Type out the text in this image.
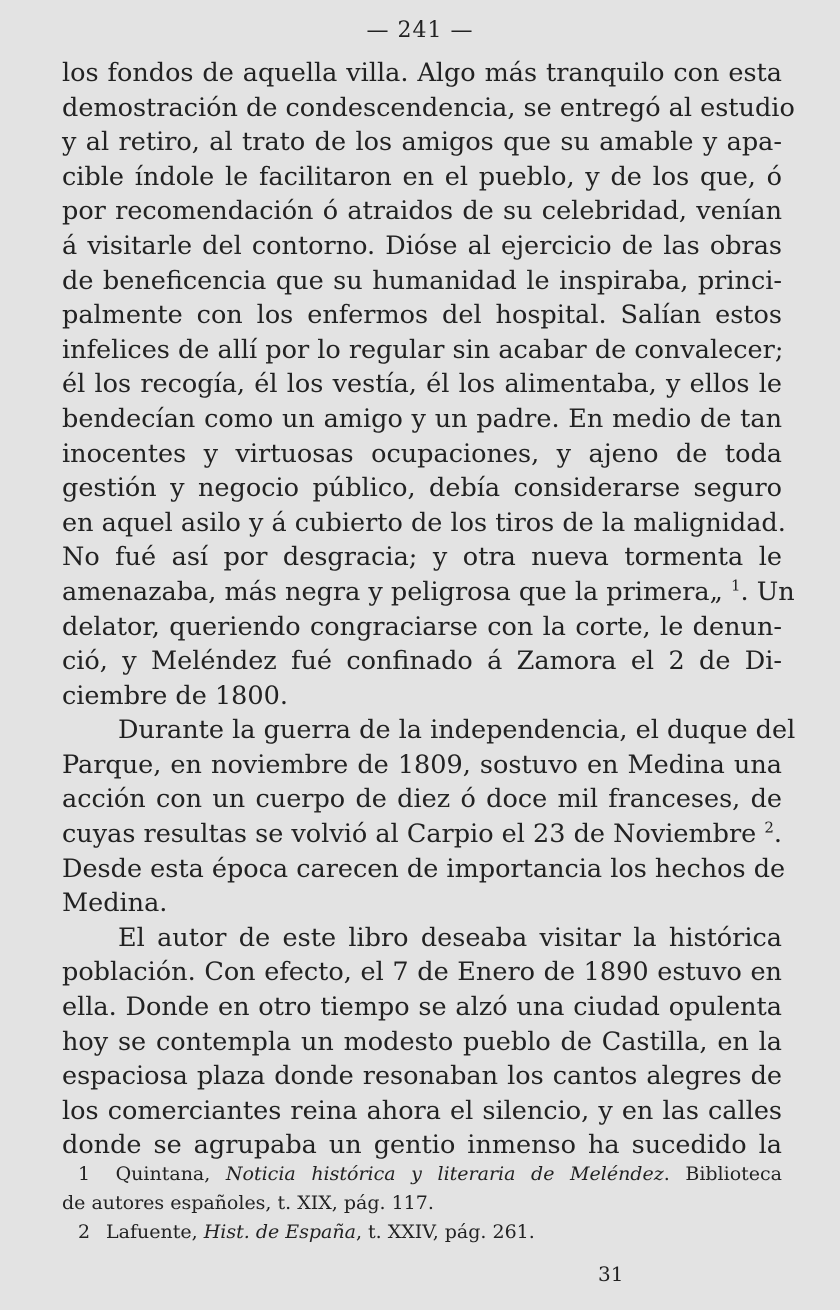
— 241 —
los fondos de aquella villa. Algo más tranquilo con esta
demostración de condescendencia, se entregó al estudio
y al retiro, al trato de los amigos que su amable y apa-
cible índole le facilitaron en el pueblo, y de los que, ó
por recomendación ó atraidos de su celebridad, venían
á visitarle del contorno. Dióse al ejercicio de las obras
de beneficencia que su humanidad le inspiraba, princi-
palmente con los enfermos del hospital. Salían estos
infelices de allí por lo regular sin acabar de convalecer;
él los recogía, él los vestía, él los alimentaba, y ellos le
bendecían como un amigo y un padre. En medio de tan
inocentes y virtuosas ocupaciones, y ajeno de toda
gestión y negocio público, debía considerarse seguro
en aquel asilo y á cubierto de los tiros de la malignidad.
No fué así por desgracia; y otra nueva tormenta le
amenazaba, más negra y peligrosa que la primera„ $^1$. Un
delator, queriendo congraciarse con la corte, le denun-
ció, y Meléndez fué confinado á Zamora el 2 de Di-
ciembre de 1800.
Durante la guerra de la independencia, el duque del
Parque, en noviembre de 1809, sostuvo en Medina una
acción con un cuerpo de diez ó doce mil franceses, de
cuyas resultas se volvió al Carpio el 23 de Noviembre $^2$.
Desde esta época carecen de importancia los hechos de
Medina.
El autor de este libro deseaba visitar la histórica
población. Con efecto, el 7 de Enero de 1890 estuvo en
ella. Donde en otro tiempo se alzó una ciudad opulenta
hoy se contempla un modesto pueblo de Castilla, en la
espaciosa plaza donde resonaban los cantos alegres de
los comerciantes reina ahora el silencio, y en las calles
donde se agrupaba un gentio inmenso ha sucedido la
1 Quintana, Noticia histórica y literaria de Meléndez. Biblioteca
de autores españoles, t. XIX, pág. 117.
2 Lafuente, Hist. de España, t. XXIV, pág. 261.
31
